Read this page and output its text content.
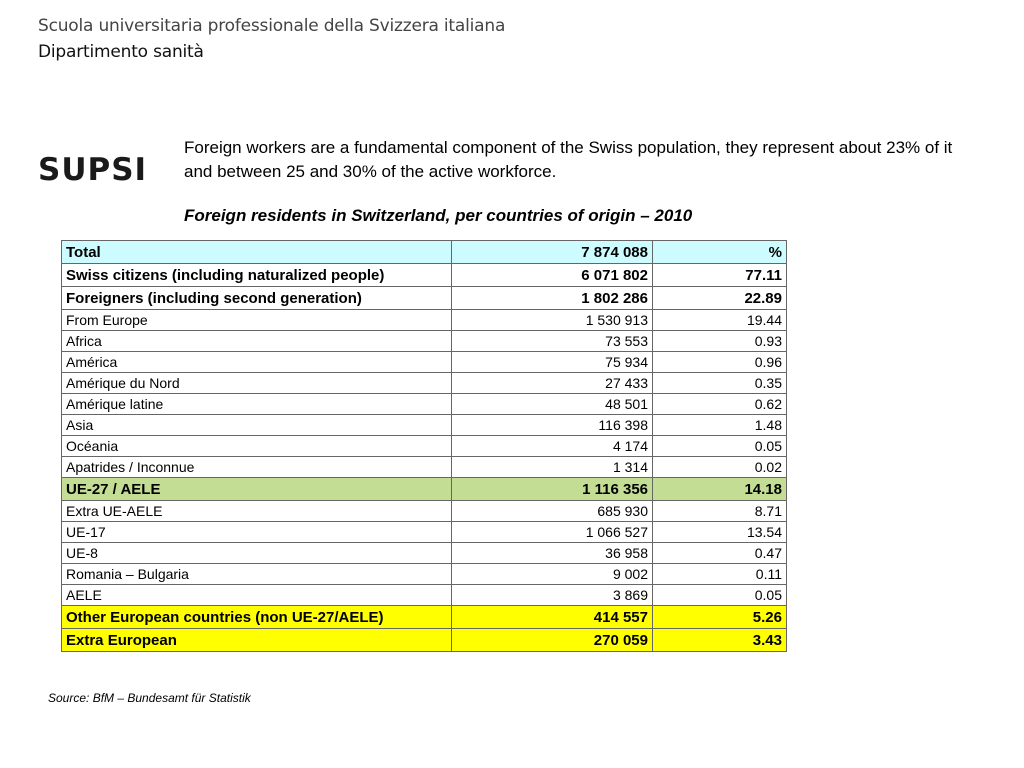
Scuola universitaria professionale della Svizzera italiana
Dipartimento sanità
SUPSI
Foreign workers are a fundamental component of the Swiss population, they represent about 23% of it and between 25 and 30% of the active workforce.
Foreign residents in Switzerland, per countries of origin – 2010
Total	7 874 088	%
Swiss citizens (including naturalized people)	6 071 802	77.11
Foreigners (including second generation)	1 802 286	22.89
From Europe	1 530 913	19.44
Africa	73 553	0.93
América	75 934	0.96
Amérique du Nord	27 433	0.35
Amérique latine	48 501	0.62
Asia	116 398	1.48
Océania	4 174	0.05
Apatrides / Inconnue	1 314	0.02
UE-27 / AELE	1 116 356	14.18
Extra UE-AELE	685 930	8.71
UE-17	1 066 527	13.54
UE-8	36 958	0.47
Romania – Bulgaria	9 002	0.11
AELE	3 869	0.05
Other European countries (non UE-27/AELE)	414 557	5.26
Extra European	270 059	3.43
Source: BfM – Bundesamt für Statistik
